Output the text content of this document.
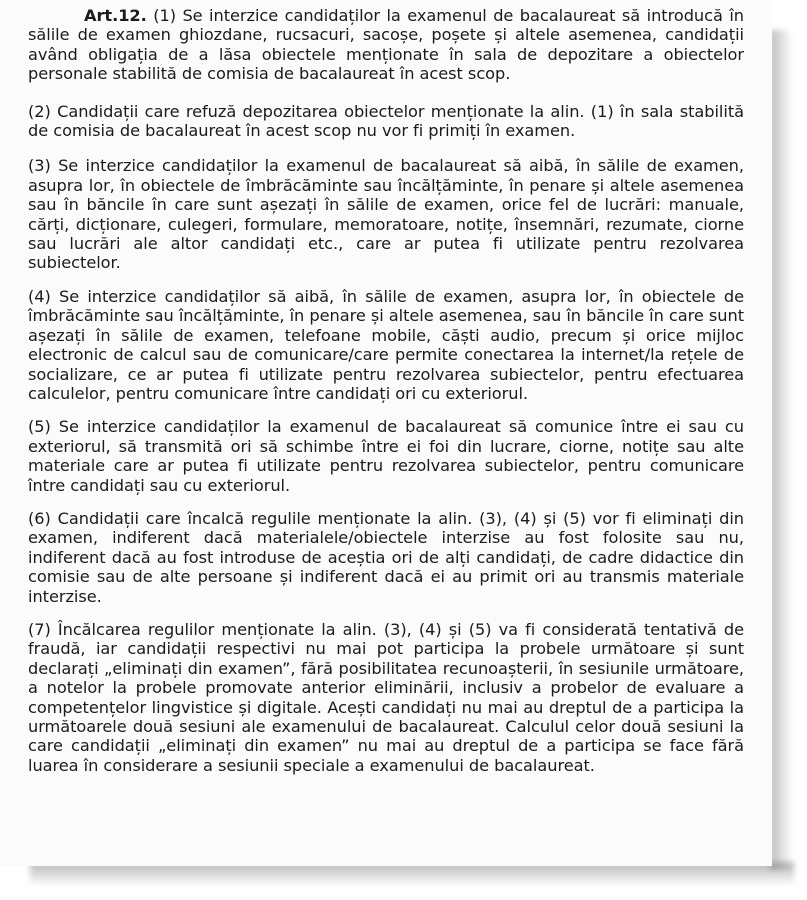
Art.12. (1) Se interzice candidaților la examenul de bacalaureat să introducă în sălile de examen ghiozdane, rucsacuri, sacoșe, poșete și altele asemenea, candidații având obligația de a lăsa obiectele menționate în sala de depozitare a obiectelor personale stabilită de comisia de bacalaureat în acest scop.

(2) Candidații care refuză depozitarea obiectelor menționate la alin. (1) în sala stabilită de comisia de bacalaureat în acest scop nu vor fi primiți în examen.

(3) Se interzice candidaților la examenul de bacalaureat să aibă, în sălile de examen, asupra lor, în obiectele de îmbrăcăminte sau încălțăminte, în penare și altele asemenea sau în băncile în care sunt așezați în sălile de examen, orice fel de lucrări: manuale, cărți, dicționare, culegeri, formulare, memoratoare, notițe, însemnări, rezumate, ciorne sau lucrări ale altor candidați etc., care ar putea fi utilizate pentru rezolvarea subiectelor.

(4) Se interzice candidaților să aibă, în sălile de examen, asupra lor, în obiectele de îmbrăcăminte sau încălțăminte, în penare și altele asemenea, sau în băncile în care sunt așezați în sălile de examen, telefoane mobile, căști audio, precum și orice mijloc electronic de calcul sau de comunicare/care permite conectarea la internet/la rețele de socializare, ce ar putea fi utilizate pentru rezolvarea subiectelor, pentru efectuarea calculelor, pentru comunicare între candidați ori cu exteriorul.

(5) Se interzice candidaților la examenul de bacalaureat să comunice între ei sau cu exteriorul, să transmită ori să schimbe între ei foi din lucrare, ciorne, notițe sau alte materiale care ar putea fi utilizate pentru rezolvarea subiectelor, pentru comunicare între candidați sau cu exteriorul.

(6) Candidații care încalcă regulile menționate la alin. (3), (4) și (5) vor fi eliminați din examen, indiferent dacă materialele/obiectele interzise au fost folosite sau nu, indiferent dacă au fost introduse de aceștia ori de alți candidați, de cadre didactice din comisie sau de alte persoane și indiferent dacă ei au primit ori au transmis materiale interzise.

(7) Încălcarea regulilor menționate la alin. (3), (4) și (5) va fi considerată tentativă de fraudă, iar candidații respectivi nu mai pot participa la probele următoare și sunt declarați „eliminați din examen”, fără posibilitatea recunoașterii, în sesiunile următoare, a notelor la probele promovate anterior eliminării, inclusiv a probelor de evaluare a competențelor lingvistice și digitale. Acești candidați nu mai au dreptul de a participa la următoarele două sesiuni ale examenului de bacalaureat. Calculul celor două sesiuni la care candidații „eliminați din examen” nu mai au dreptul de a participa se face fără luarea în considerare a sesiunii speciale a examenului de bacalaureat.
